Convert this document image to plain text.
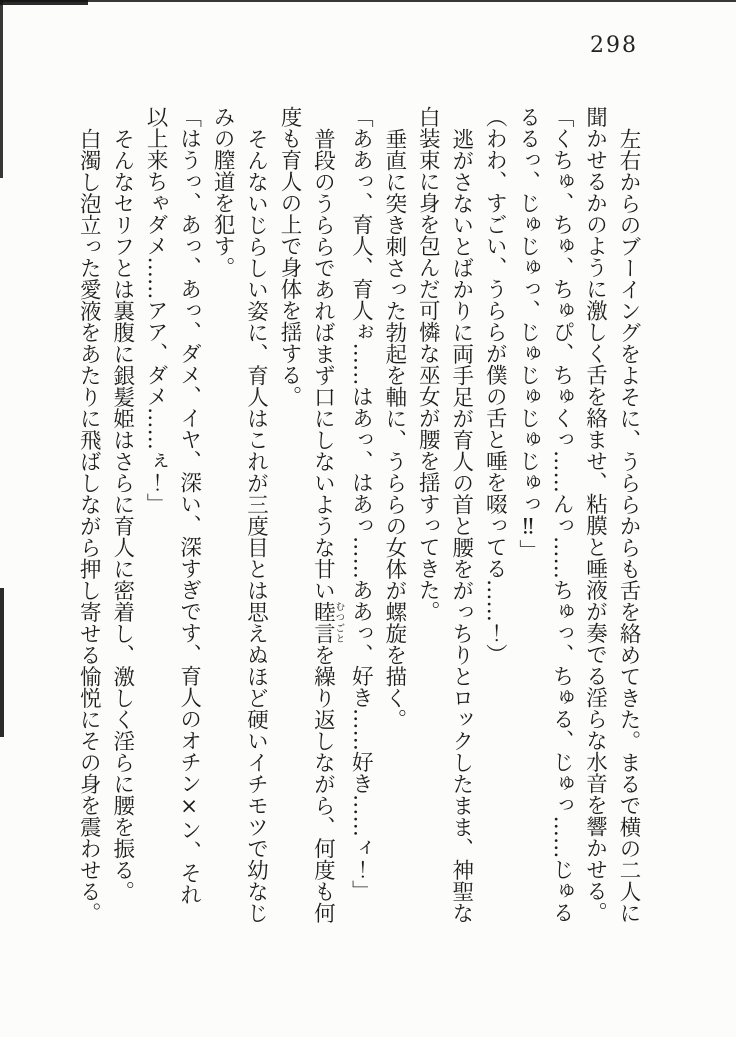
298

左右からのブーイングをよそに、うららからも舌を絡めてきた。まるで横の二人に聞かせるかのように激しく舌を絡ませ、粘膜と唾液が奏でる淫らな水音を響かせる。

「くちゅ、ちゅ、ちゅぴ、ちゅくっ……んっ……ちゅっ、ちゅる、じゅっ……じゅるるるっ、じゅじゅっ、じゅじゅじゅじゅっ‼」

（わわ、すごい、うららが僕の舌と唾を啜ってる……！）

逃がさないとばかりに両手足が育人の首と腰をがっちりとロックしたまま、神聖な白装束に身を包んだ可憐な巫女が腰を揺すってきた。

垂直に突き刺さった勃起を軸に、うららの女体が螺旋を描く。

「ああっ、育人、育人ぉ……はあっ、はあっ……ああっ、好き……好き……ィ！」

普段のうららであればまず口にしないような甘い睦言むつごとを繰り返しながら、何度も何度も育人の上で身体を揺する。

そんないじらしい姿に、育人はこれが三度目とは思えぬほど硬いイチモツで幼なじみの膣道を犯す。

「はうっ、あっ、あっ、ダメ、イヤ、深い、深すぎです、育人のオチン×ン、それ以上来ちゃダメ……アア、ダメ……ぇ！」

そんなセリフとは裏腹に銀髪姫はさらに育人に密着し、激しく淫らに腰を振る。

白濁し泡立った愛液をあたりに飛ばしながら押し寄せる愉悦にその身を震わせる。
